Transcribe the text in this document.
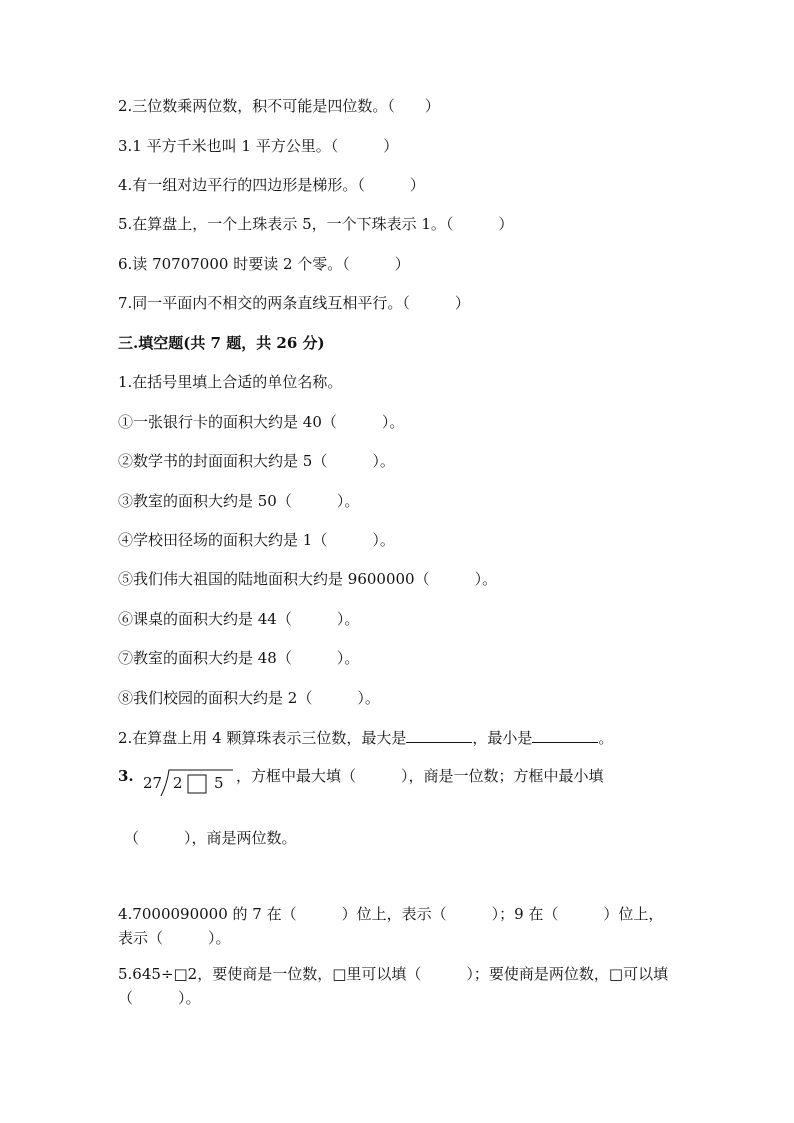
2.三位数乘两位数，积不可能是四位数。（　　）
3.1 平方千米也叫 1 平方公里。（　　　）
4.有一组对边平行的四边形是梯形。（　　　）
5.在算盘上，一个上珠表示 5，一个下珠表示 1。（　　　）
6.读 70707000 时要读 2 个零。（　　　）
7.同一平面内不相交的两条直线互相平行。（　　　）
三.填空题(共 7 题，共 26 分)
1.在括号里填上合适的单位名称。
①一张银行卡的面积大约是 40（　　　）。
②数学书的封面面积大约是 5（　　　）。
③教室的面积大约是 50（　　　）。
④学校田径场的面积大约是 1（　　　）。
⑤我们伟大祖国的陆地面积大约是 9600000（　　　）。
⑥课桌的面积大约是 44（　　　）。
⑦教室的面积大约是 48（　　　）。
⑧我们校园的面积大约是 2（　　　）。
2.在算盘上用 4 颗算珠表示三位数，最大是	，最小是	。
3. 27 2 5 ，方框中最大填（　　　），商是一位数；方框中最小填
（　　　），商是两位数。
4.7000090000 的 7 在（　　　）位上，表示（　　　）；9 在（　　　）位上，表示（　　　）。
5.645÷□2，要使商是一位数，□里可以填（　　　）；要使商是两位数，□可以填（　　　）。
